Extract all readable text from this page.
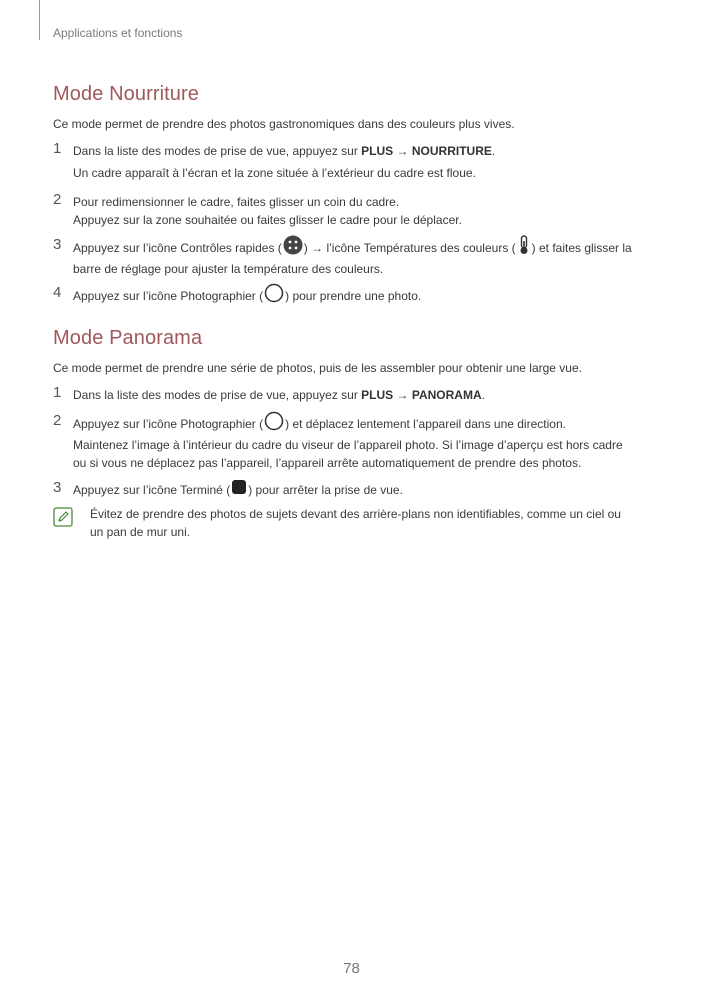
Applications et fonctions
Mode Nourriture
Ce mode permet de prendre des photos gastronomiques dans des couleurs plus vives.
1 Dans la liste des modes de prise de vue, appuyez sur PLUS → NOURRITURE.
Un cadre apparaît à l’écran et la zone située à l’extérieur du cadre est floue.
2 Pour redimensionner le cadre, faites glisser un coin du cadre.
Appuyez sur la zone souhaitée ou faites glisser le cadre pour le déplacer.
3 Appuyez sur l’icône Contrôles rapides ( ) → l’icône Températures des couleurs ( ) et faites glisser la
barre de réglage pour ajuster la température des couleurs.
4 Appuyez sur l’icône Photographier ( ) pour prendre une photo.
Mode Panorama
Ce mode permet de prendre une série de photos, puis de les assembler pour obtenir une large vue.
1 Dans la liste des modes de prise de vue, appuyez sur PLUS → PANORAMA.
2 Appuyez sur l’icône Photographier ( ) et déplacez lentement l’appareil dans une direction.
Maintenez l’image à l’intérieur du cadre du viseur de l’appareil photo. Si l’image d’aperçu est hors cadre
ou si vous ne déplacez pas l’appareil, l’appareil arrête automatiquement de prendre des photos.
3 Appuyez sur l’icône Terminé ( ) pour arrêter la prise de vue.
Évitez de prendre des photos de sujets devant des arrière-plans non identifiables, comme un ciel ou
un pan de mur uni.
78
